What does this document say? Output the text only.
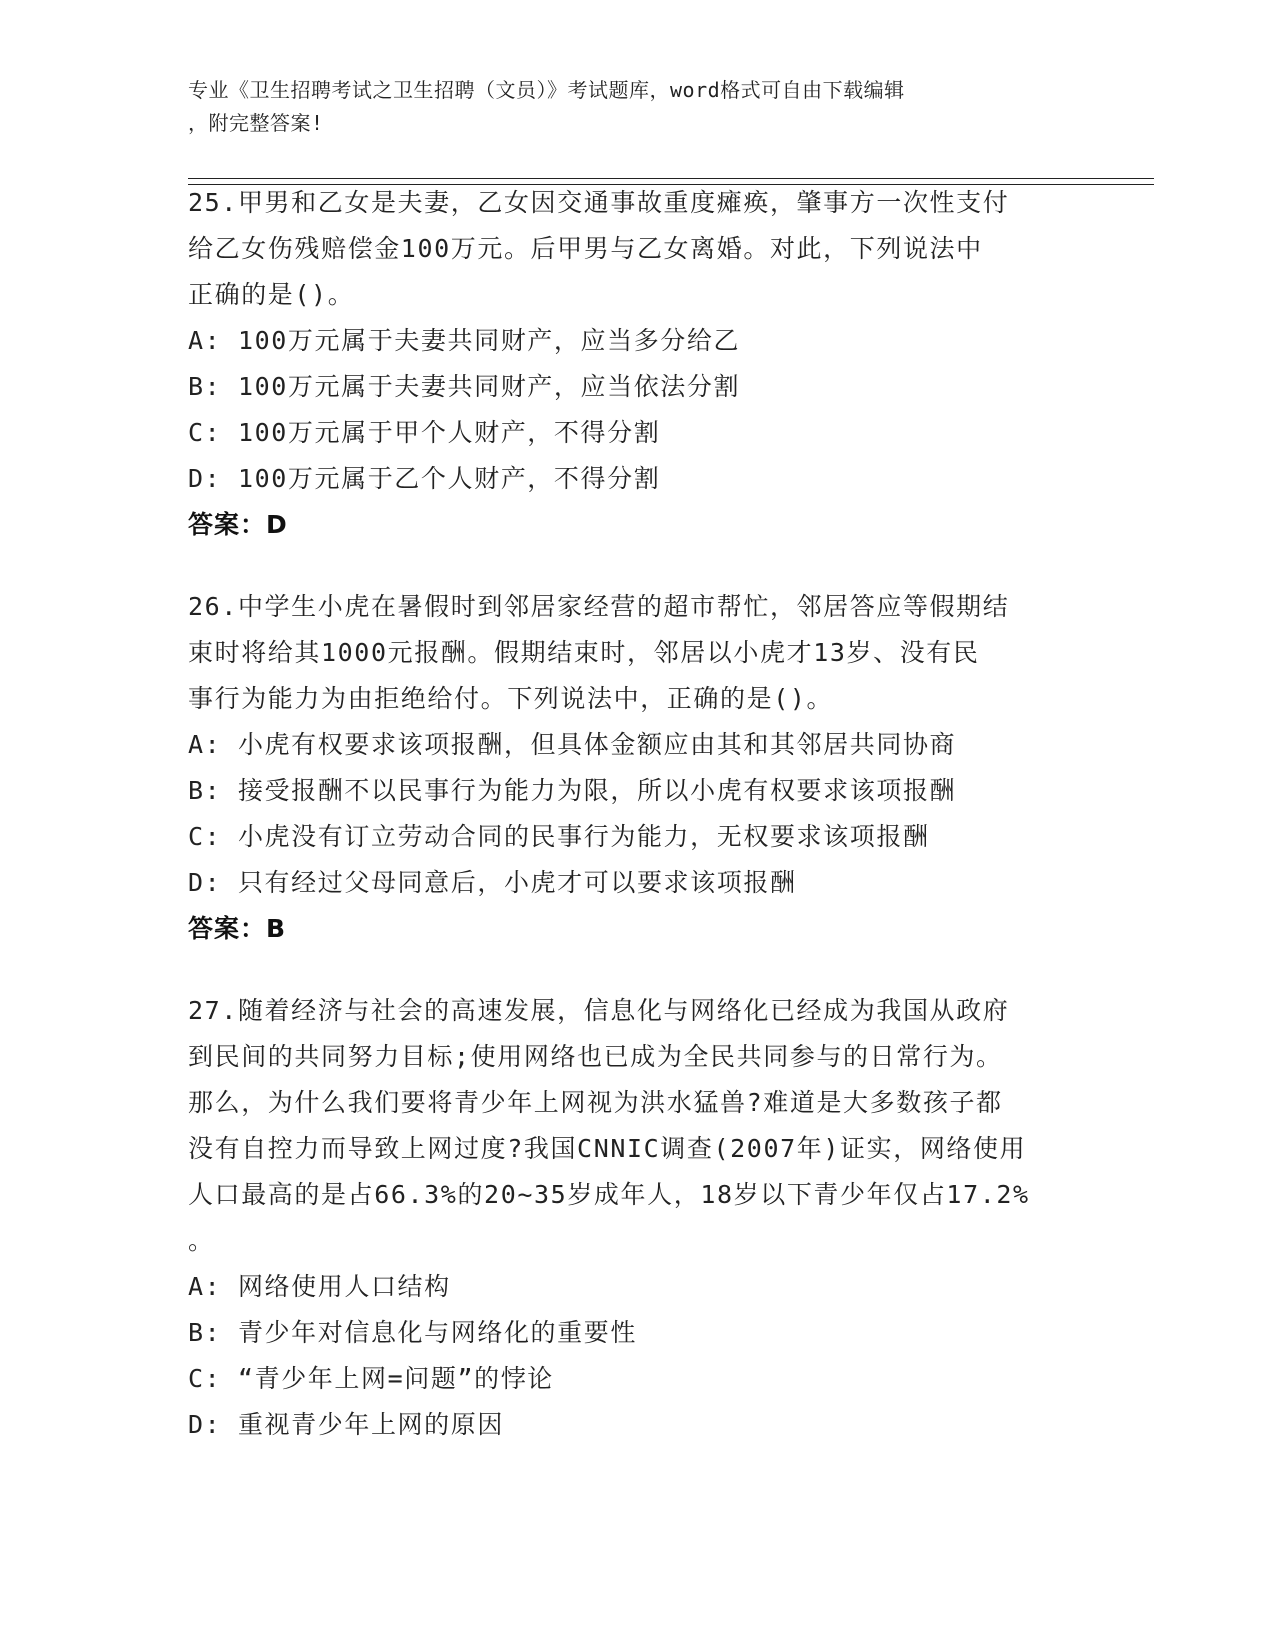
专业《卫生招聘考试之卫生招聘（文员）》考试题库，word格式可自由下载编辑
，附完整答案!

25.甲男和乙女是夫妻，乙女因交通事故重度瘫痪，肇事方一次性支付

给乙女伤残赔偿金100万元。后甲男与乙女离婚。对此，下列说法中

正确的是()。

A: 100万元属于夫妻共同财产，应当多分给乙

B: 100万元属于夫妻共同财产，应当依法分割

C: 100万元属于甲个人财产，不得分割

D: 100万元属于乙个人财产，不得分割

答案：D

26.中学生小虎在暑假时到邻居家经营的超市帮忙，邻居答应等假期结

束时将给其1000元报酬。假期结束时，邻居以小虎才13岁、没有民

事行为能力为由拒绝给付。下列说法中，正确的是()。

A: 小虎有权要求该项报酬，但具体金额应由其和其邻居共同协商

B: 接受报酬不以民事行为能力为限，所以小虎有权要求该项报酬

C: 小虎没有订立劳动合同的民事行为能力，无权要求该项报酬

D: 只有经过父母同意后，小虎才可以要求该项报酬

答案：B

27.随着经济与社会的高速发展，信息化与网络化已经成为我国从政府

到民间的共同努力目标;使用网络也已成为全民共同参与的日常行为。

那么，为什么我们要将青少年上网视为洪水猛兽?难道是大多数孩子都

没有自控力而导致上网过度?我国CNNIC调查(2007年)证实，网络使用

人口最高的是占66.3%的20~35岁成年人，18岁以下青少年仅占17.2%

。

A: 网络使用人口结构

B: 青少年对信息化与网络化的重要性

C: “青少年上网=问题”的悖论

D: 重视青少年上网的原因
